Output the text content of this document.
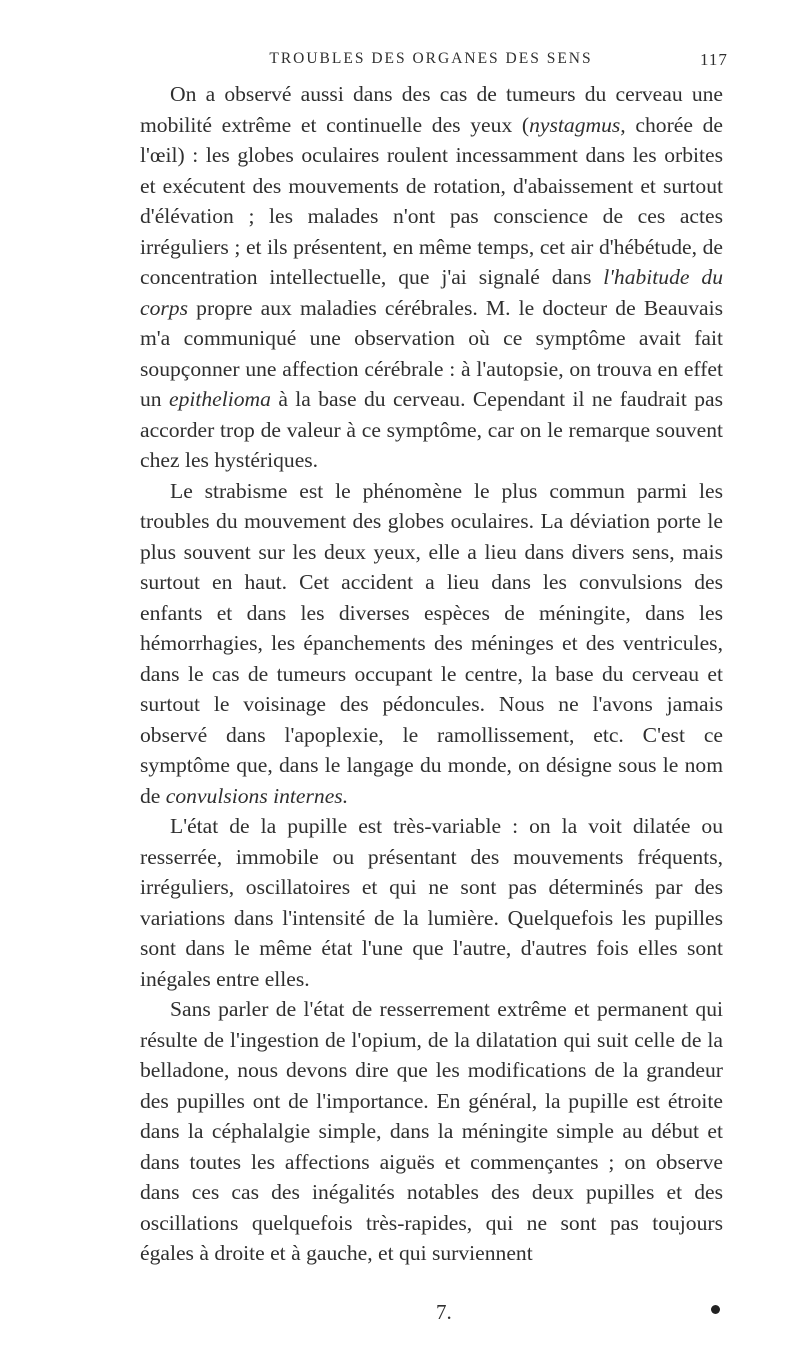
TROUBLES DES ORGANES DES SENS	117

On a observé aussi dans des cas de tumeurs du cerveau une mobilité extrême et continuelle des yeux (nystagmus, chorée de l'œil) : les globes oculaires roulent incessamment dans les orbites et exécutent des mouvements de rotation, d'abaissement et surtout d'élévation ; les malades n'ont pas conscience de ces actes irréguliers ; et ils présentent, en même temps, cet air d'hébétude, de concentration intellectuelle, que j'ai signalé dans l'habitude du corps propre aux maladies cérébrales. M. le docteur de Beauvais m'a communiqué une observation où ce symptôme avait fait soupçonner une affection cérébrale : à l'autopsie, on trouva en effet un epithelioma à la base du cerveau. Cependant il ne faudrait pas accorder trop de valeur à ce symptôme, car on le remarque souvent chez les hystériques.

Le strabisme est le phénomène le plus commun parmi les troubles du mouvement des globes oculaires. La déviation porte le plus souvent sur les deux yeux, elle a lieu dans divers sens, mais surtout en haut. Cet accident a lieu dans les convulsions des enfants et dans les diverses espèces de méningite, dans les hémorrhagies, les épanchements des méninges et des ventricules, dans le cas de tumeurs occupant le centre, la base du cerveau et surtout le voisinage des pédoncules. Nous ne l'avons jamais observé dans l'apoplexie, le ramollissement, etc. C'est ce symptôme que, dans le langage du monde, on désigne sous le nom de convulsions internes.

L'état de la pupille est très-variable : on la voit dilatée ou resserrée, immobile ou présentant des mouvements fréquents, irréguliers, oscillatoires et qui ne sont pas déterminés par des variations dans l'intensité de la lumière. Quelquefois les pupilles sont dans le même état l'une que l'autre, d'autres fois elles sont inégales entre elles.

Sans parler de l'état de resserrement extrême et permanent qui résulte de l'ingestion de l'opium, de la dilatation qui suit celle de la belladone, nous devons dire que les modifications de la grandeur des pupilles ont de l'importance. En général, la pupille est étroite dans la céphalalgie simple, dans la méningite simple au début et dans toutes les affections aiguës et commençantes ; on observe dans ces cas des inégalités notables des deux pupilles et des oscillations quelquefois très-rapides, qui ne sont pas toujours égales à droite et à gauche, et qui surviennent

7.
